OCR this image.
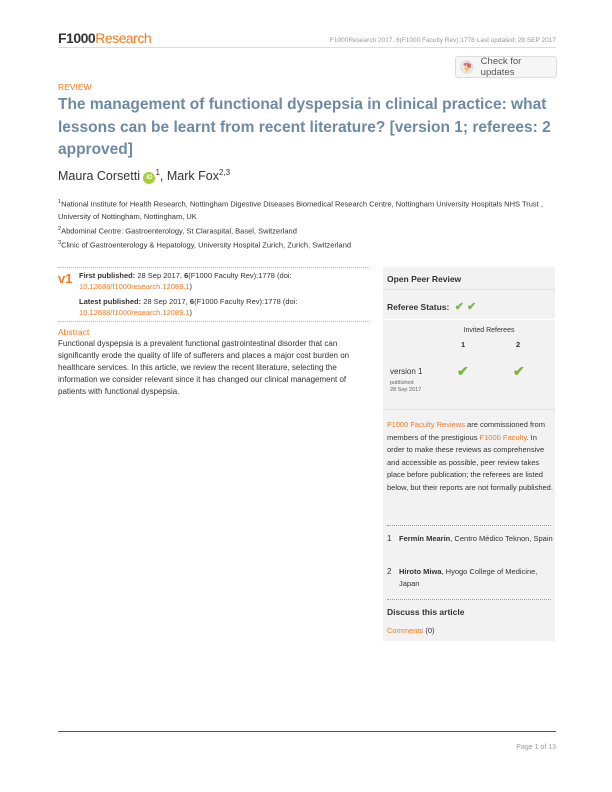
F1000Research	F1000Research 2017, 6(F1000 Faculty Rev):1778 Last updated: 28 SEP 2017
Check for updates
REVIEW
The management of functional dyspepsia in clinical practice: what lessons can be learnt from recent literature? [version 1; referees: 2 approved]
Maura Corsetti $iD^1$, Mark Fox$^{2,3}$
$^1$National Institute for Health Research, Nottingham Digestive Diseases Biomedical Research Centre, Nottingham University Hospitals NHS Trust , University of Nottingham, Nottingham, UK
$^2$Abdominal Centre: Gastroenterology, St Claraspital, Basel, Switzerland
$^3$Clinic of Gastroenterology & Hepatology, University Hospital Zurich, Zurich, Switzerland
v1 First published: 28 Sep 2017, 6(F1000 Faculty Rev):1778 (doi:
10.12688/f1000research.12089.1)
Latest published: 28 Sep 2017, 6(F1000 Faculty Rev):1778 (doi:
10.12688/f1000research.12089.1)
Abstract
Functional dyspepsia is a prevalent functional gastrointestinal disorder that can significantly erode the quality of life of sufferers and places a major cost burden on healthcare services. In this article, we review the recent literature, selecting the information we consider relevant since it has changed our clinical management of patients with functional dyspepsia.
Open Peer Review
Referee Status: ✔ ✔
Invited Referees
1	2
version 1
published
28 Sep 2017
✔	✔
F1000 Faculty Reviews are commissioned from members of the prestigious F1000 Faculty. In order to make these reviews as comprehensive and accessible as possible, peer review takes place before publication; the referees are listed below, but their reports are not formally published.
1 Fermín Mearin, Centro Médico Teknon, Spain
2 Hiroto Miwa, Hyogo College of Medicine, Japan
Discuss this article
Comments (0)
Page 1 of 13
